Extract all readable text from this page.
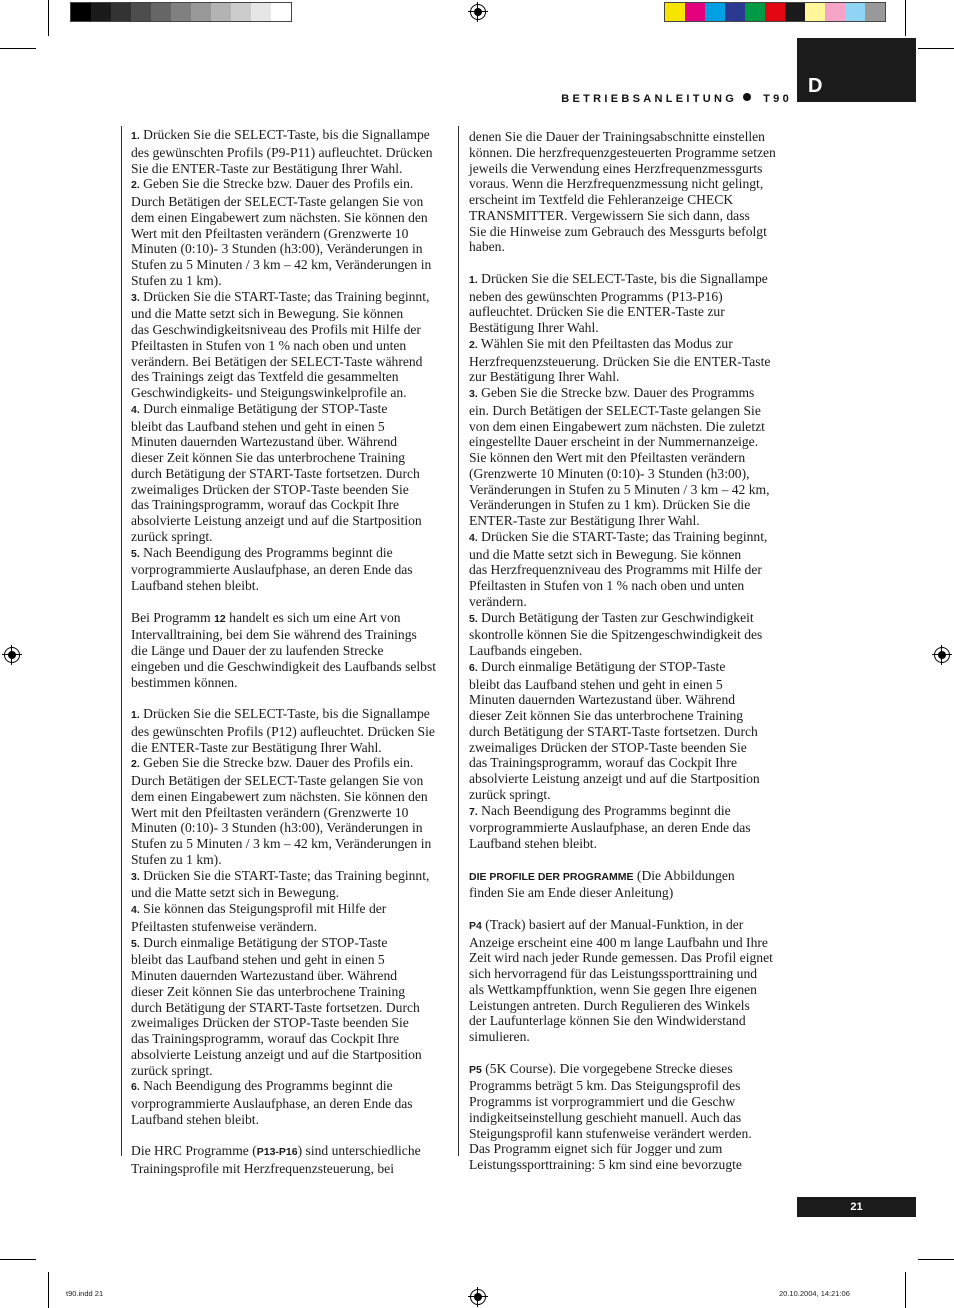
BETRIEBSANLEITUNG T90
D

1. Drücken Sie die SELECT-Taste, bis die Signallampe
des gewünschten Profils (P9-P11) aufleuchtet. Drücken
Sie die ENTER-Taste zur Bestätigung Ihrer Wahl.

2. Geben Sie die Strecke bzw. Dauer des Profils ein.
Durch Betätigen der SELECT-Taste gelangen Sie von
dem einen Eingabewert zum nächsten. Sie können den
Wert mit den Pfeiltasten verändern (Grenzwerte 10
Minuten (0:10)- 3 Stunden (h3:00), Veränderungen in
Stufen zu 5 Minuten / 3 km – 42 km, Veränderungen in
Stufen zu 1 km).

3. Drücken Sie die START-Taste; das Training beginnt,
und die Matte setzt sich in Bewegung. Sie können
das Geschwindigkeitsniveau des Profils mit Hilfe der
Pfeiltasten in Stufen von 1 % nach oben und unten
verändern. Bei Betätigen der SELECT-Taste während
des Trainings zeigt das Textfeld die gesammelten
Geschwindigkeits- und Steigungswinkelprofile an.

4. Durch einmalige Betätigung der STOP-Taste
bleibt das Laufband stehen und geht in einen 5
Minuten dauernden Wartezustand über. Während
dieser Zeit können Sie das unterbrochene Training
durch Betätigung der START-Taste fortsetzen. Durch
zweimaliges Drücken der STOP-Taste beenden Sie
das Trainingsprogramm, worauf das Cockpit Ihre
absolvierte Leistung anzeigt und auf die Startposition
zurück springt.

5. Nach Beendigung des Programms beginnt die
vorprogrammierte Auslaufphase, an deren Ende das
Laufband stehen bleibt.

Bei Programm 12 handelt es sich um eine Art von
Intervalltraining, bei dem Sie während des Trainings
die Länge und Dauer der zu laufenden Strecke
eingeben und die Geschwindigkeit des Laufbands selbst
bestimmen können.

1. Drücken Sie die SELECT-Taste, bis die Signallampe
des gewünschten Profils (P12) aufleuchtet. Drücken Sie
die ENTER-Taste zur Bestätigung Ihrer Wahl.

2. Geben Sie die Strecke bzw. Dauer des Profils ein.
Durch Betätigen der SELECT-Taste gelangen Sie von
dem einen Eingabewert zum nächsten. Sie können den
Wert mit den Pfeiltasten verändern (Grenzwerte 10
Minuten (0:10)- 3 Stunden (h3:00), Veränderungen in
Stufen zu 5 Minuten / 3 km – 42 km, Veränderungen in
Stufen zu 1 km).

3. Drücken Sie die START-Taste; das Training beginnt,
und die Matte setzt sich in Bewegung.

4. Sie können das Steigungsprofil mit Hilfe der
Pfeiltasten stufenweise verändern.

5. Durch einmalige Betätigung der STOP-Taste
bleibt das Laufband stehen und geht in einen 5
Minuten dauernden Wartezustand über. Während
dieser Zeit können Sie das unterbrochene Training
durch Betätigung der START-Taste fortsetzen. Durch
zweimaliges Drücken der STOP-Taste beenden Sie
das Trainingsprogramm, worauf das Cockpit Ihre
absolvierte Leistung anzeigt und auf die Startposition
zurück springt.

6. Nach Beendigung des Programms beginnt die
vorprogrammierte Auslaufphase, an deren Ende das
Laufband stehen bleibt.

Die HRC Programme (P13-P16) sind unterschiedliche
Trainingsprofile mit Herzfrequenzsteuerung, bei

denen Sie die Dauer der Trainingsabschnitte einstellen
können. Die herzfrequenzgesteuerten Programme setzen
jeweils die Verwendung eines Herzfrequenzmessgurts
voraus. Wenn die Herzfrequenzmessung nicht gelingt,
erscheint im Textfeld die Fehleranzeige CHECK
TRANSMITTER. Vergewissern Sie sich dann, dass
Sie die Hinweise zum Gebrauch des Messgurts befolgt
haben.

1. Drücken Sie die SELECT-Taste, bis die Signallampe
neben des gewünschten Programms (P13-P16)
aufleuchtet. Drücken Sie die ENTER-Taste zur
Bestätigung Ihrer Wahl.

2. Wählen Sie mit den Pfeiltasten das Modus zur
Herzfrequenzsteuerung. Drücken Sie die ENTER-Taste
zur Bestätigung Ihrer Wahl.

3. Geben Sie die Strecke bzw. Dauer des Programms
ein. Durch Betätigen der SELECT-Taste gelangen Sie
von dem einen Eingabewert zum nächsten. Die zuletzt
eingestellte Dauer erscheint in der Nummernanzeige.
Sie können den Wert mit den Pfeiltasten verändern
(Grenzwerte 10 Minuten (0:10)- 3 Stunden (h3:00),
Veränderungen in Stufen zu 5 Minuten / 3 km – 42 km,
Veränderungen in Stufen zu 1 km). Drücken Sie die
ENTER-Taste zur Bestätigung Ihrer Wahl.

4. Drücken Sie die START-Taste; das Training beginnt,
und die Matte setzt sich in Bewegung. Sie können
das Herzfrequenzniveau des Programms mit Hilfe der
Pfeiltasten in Stufen von 1 % nach oben und unten
verändern.

5. Durch Betätigung der Tasten zur Geschwindigkeit
skontrolle können Sie die Spitzengeschwindigkeit des
Laufbands eingeben.

6. Durch einmalige Betätigung der STOP-Taste
bleibt das Laufband stehen und geht in einen 5
Minuten dauernden Wartezustand über. Während
dieser Zeit können Sie das unterbrochene Training
durch Betätigung der START-Taste fortsetzen. Durch
zweimaliges Drücken der STOP-Taste beenden Sie
das Trainingsprogramm, worauf das Cockpit Ihre
absolvierte Leistung anzeigt und auf die Startposition
zurück springt.

7. Nach Beendigung des Programms beginnt die
vorprogrammierte Auslaufphase, an deren Ende das
Laufband stehen bleibt.

DIE PROFILE DER PROGRAMME (Die Abbildungen
finden Sie am Ende dieser Anleitung)

P4 (Track) basiert auf der Manual-Funktion, in der
Anzeige erscheint eine 400 m lange Laufbahn und Ihre
Zeit wird nach jeder Runde gemessen. Das Profil eignet
sich hervorragend für das Leistungssporttraining und
als Wettkampffunktion, wenn Sie gegen Ihre eigenen
Leistungen antreten. Durch Regulieren des Winkels
der Laufunterlage können Sie den Windwiderstand
simulieren.

P5 (5K Course). Die vorgegebene Strecke dieses
Programms beträgt 5 km. Das Steigungsprofil des
Programms ist vorprogrammiert und die Geschw
indigkeitseinstellung geschieht manuell. Auch das
Steigungsprofil kann stufenweise verändert werden.
Das Programm eignet sich für Jogger und zum
Leistungssporttraining: 5 km sind eine bevorzugte

21
t90.indd 21	20.10.2004, 14:21:06
